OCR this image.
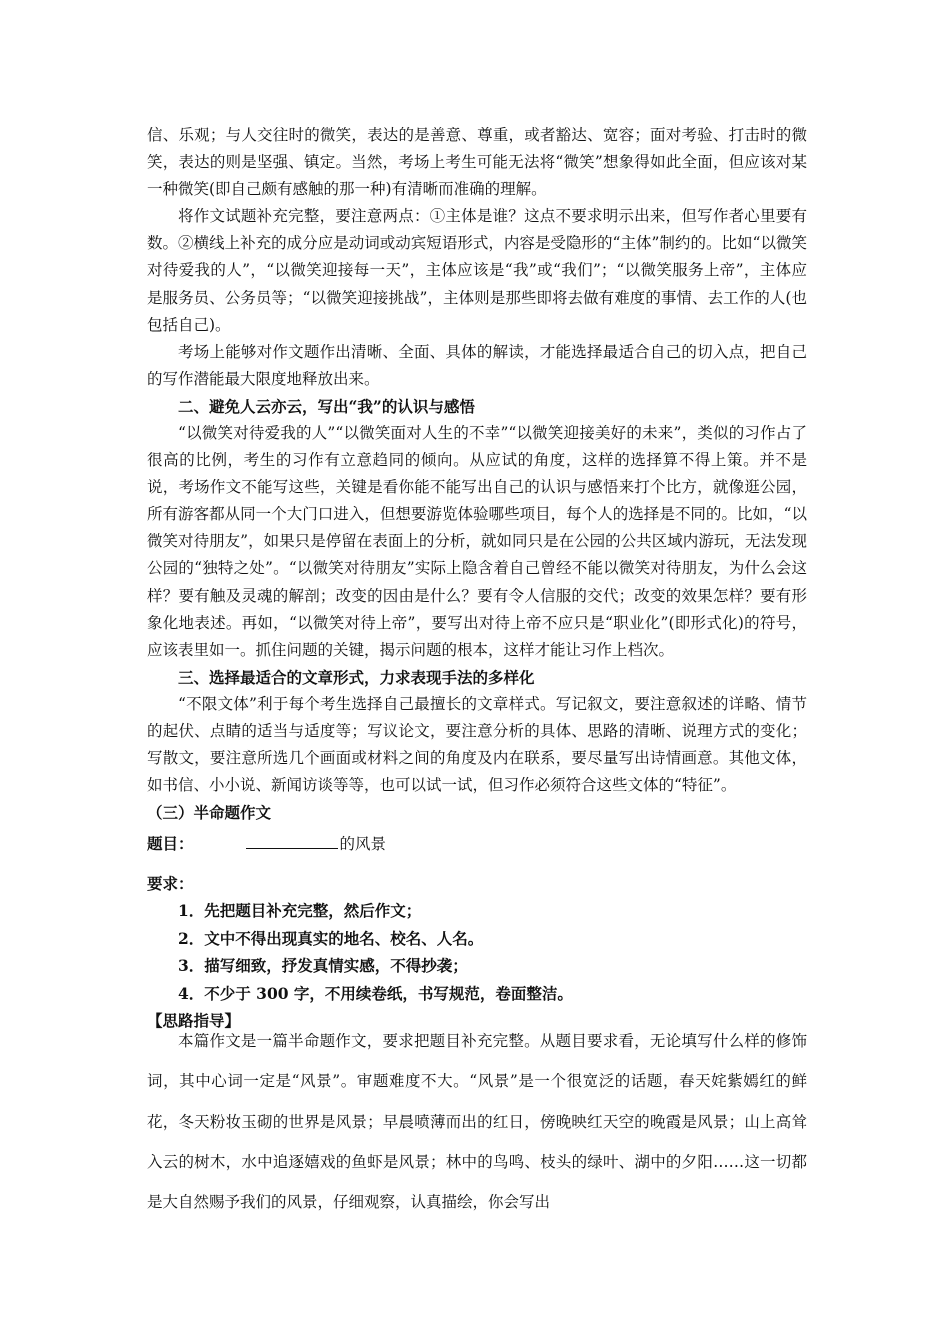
信、乐观；与人交往时的微笑，表达的是善意、尊重，或者豁达、宽容；面对考验、打击时的微笑，表达的则是坚强、镇定。当然，考场上考生可能无法将“微笑”想象得如此全面，但应该对某一种微笑(即自己颇有感触的那一种)有清晰而准确的理解。

将作文试题补充完整，要注意两点：①主体是谁？这点不要求明示出来，但写作者心里要有数。②横线上补充的成分应是动词或动宾短语形式，内容是受隐形的“主体”制约的。比如“以微笑对待爱我的人”，“以微笑迎接每一天”，主体应该是“我”或“我们”；“以微笑服务上帝”，主体应是服务员、公务员等；“以微笑迎接挑战”，主体则是那些即将去做有难度的事情、去工作的人(也包括自己)。

考场上能够对作文题作出清晰、全面、具体的解读，才能选择最适合自己的切入点，把自己的写作潜能最大限度地释放出来。

二、避免人云亦云，写出“我”的认识与感悟

“以微笑对待爱我的人”“以微笑面对人生的不幸”“以微笑迎接美好的未来”，类似的习作占了很高的比例，考生的习作有立意趋同的倾向。从应试的角度，这样的选择算不得上策。并不是说，考场作文不能写这些，关键是看你能不能写出自己的认识与感悟来打个比方，就像逛公园，所有游客都从同一个大门口进入，但想要游览体验哪些项目，每个人的选择是不同的。比如，“以微笑对待朋友”，如果只是停留在表面上的分析，就如同只是在公园的公共区域内游玩，无法发现公园的“独特之处”。“以微笑对待朋友”实际上隐含着自己曾经不能以微笑对待朋友，为什么会这样？要有触及灵魂的解剖；改变的因由是什么？要有令人信服的交代；改变的效果怎样？要有形象化地表述。再如，“以微笑对待上帝”，要写出对待上帝不应只是“职业化”(即形式化)的符号，应该表里如一。抓住问题的关键，揭示问题的根本，这样才能让习作上档次。

三、选择最适合的文章形式，力求表现手法的多样化

“不限文体”利于每个考生选择自己最擅长的文章样式。写记叙文，要注意叙述的详略、情节的起伏、点睛的适当与适度等；写议论文，要注意分析的具体、思路的清晰、说理方式的变化；写散文，要注意所选几个画面或材料之间的角度及内在联系，要尽量写出诗情画意。其他文体，如书信、小小说、新闻访谈等等，也可以试一试，但习作必须符合这些文体的“特征”。

（三）半命题作文

题目：	的风景

要求：

1．先把题目补充完整，然后作文；

2．文中不得出现真实的地名、校名、人名。

3．描写细致，抒发真情实感，不得抄袭；

4．不少于 300 字，不用续卷纸，书写规范，卷面整洁。

【思路指导】

本篇作文是一篇半命题作文，要求把题目补充完整。从题目要求看，无论填写什么样的修饰词，其中心词一定是“风景”。审题难度不大。“风景”是一个很宽泛的话题，春天姹紫嫣红的鲜花，冬天粉妆玉砌的世界是风景；早晨喷薄而出的红日，傍晚映红天空的晚霞是风景；山上高耸入云的树木，水中追逐嬉戏的鱼虾是风景；林中的鸟鸣、枝头的绿叶、湖中的夕阳……这一切都是大自然赐予我们的风景，仔细观察，认真描绘，你会写出
